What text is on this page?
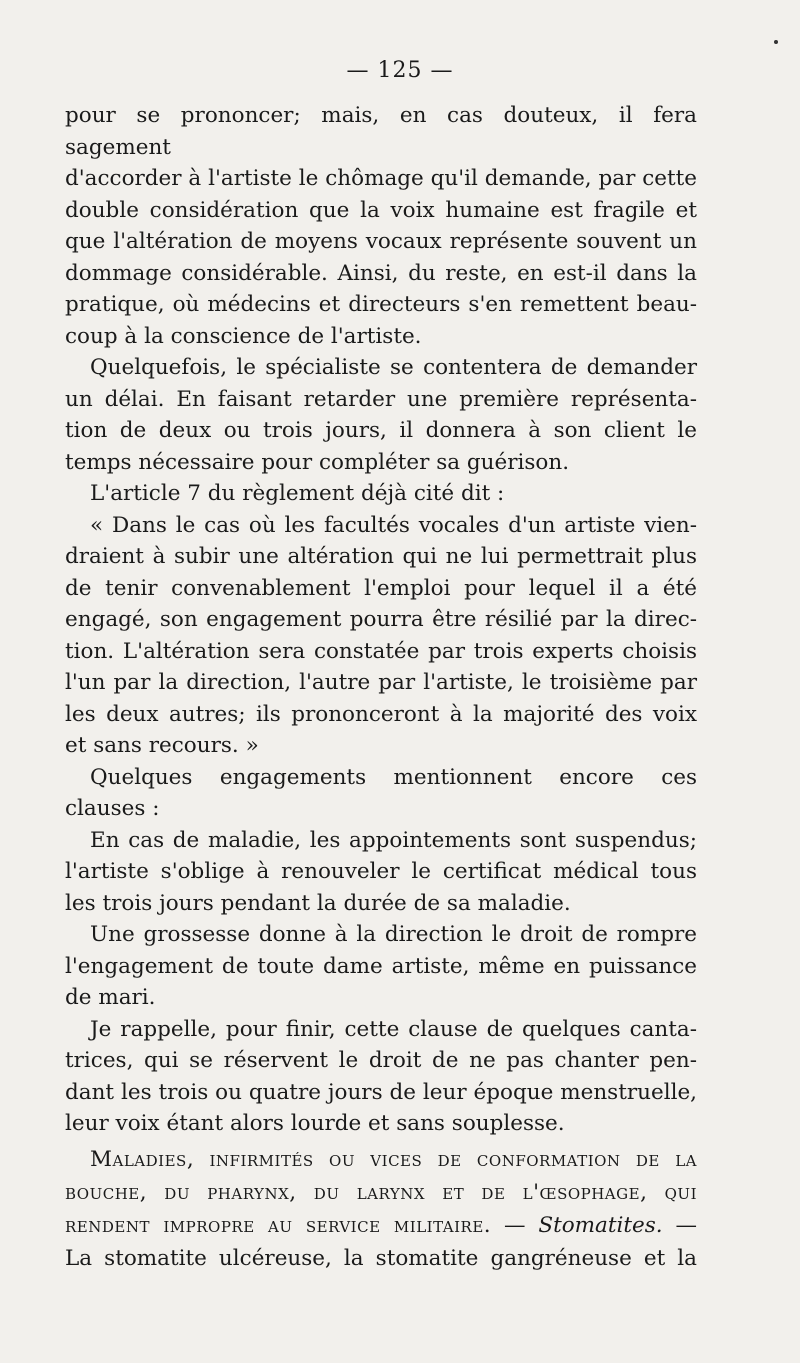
— 125 —

pour se prononcer; mais, en cas douteux, il fera sagement

d'accorder à l'artiste le chômage qu'il demande, par cette

double considération que la voix humaine est fragile et

que l'altération de moyens vocaux représente souvent un

dommage considérable. Ainsi, du reste, en est-il dans la

pratique, où médecins et directeurs s'en remettent beau-

coup à la conscience de l'artiste.

Quelquefois, le spécialiste se contentera de demander

un délai. En faisant retarder une première représenta-

tion de deux ou trois jours, il donnera à son client le

temps nécessaire pour compléter sa guérison.

L'article 7 du règlement déjà cité dit :

« Dans le cas où les facultés vocales d'un artiste vien-

draient à subir une altération qui ne lui permettrait plus

de tenir convenablement l'emploi pour lequel il a été

engagé, son engagement pourra être résilié par la direc-

tion. L'altération sera constatée par trois experts choisis

l'un par la direction, l'autre par l'artiste, le troisième par

les deux autres; ils prononceront à la majorité des voix

et sans recours. »

Quelques engagements mentionnent encore ces clauses :

En cas de maladie, les appointements sont suspendus;

l'artiste s'oblige à renouveler le certificat médical tous

les trois jours pendant la durée de sa maladie.

Une grossesse donne à la direction le droit de rompre

l'engagement de toute dame artiste, même en puissance

de mari.

Je rappelle, pour finir, cette clause de quelques canta-

trices, qui se réservent le droit de ne pas chanter pen-

dant les trois ou quatre jours de leur époque menstruelle,

leur voix étant alors lourde et sans souplesse.

Maladies, infirmités ou vices de conformation de la

bouche, du pharynx, du larynx et de l'œsophage, qui

rendent impropre au service militaire. — Stomatites. —

La stomatite ulcéreuse, la stomatite gangréneuse et la
